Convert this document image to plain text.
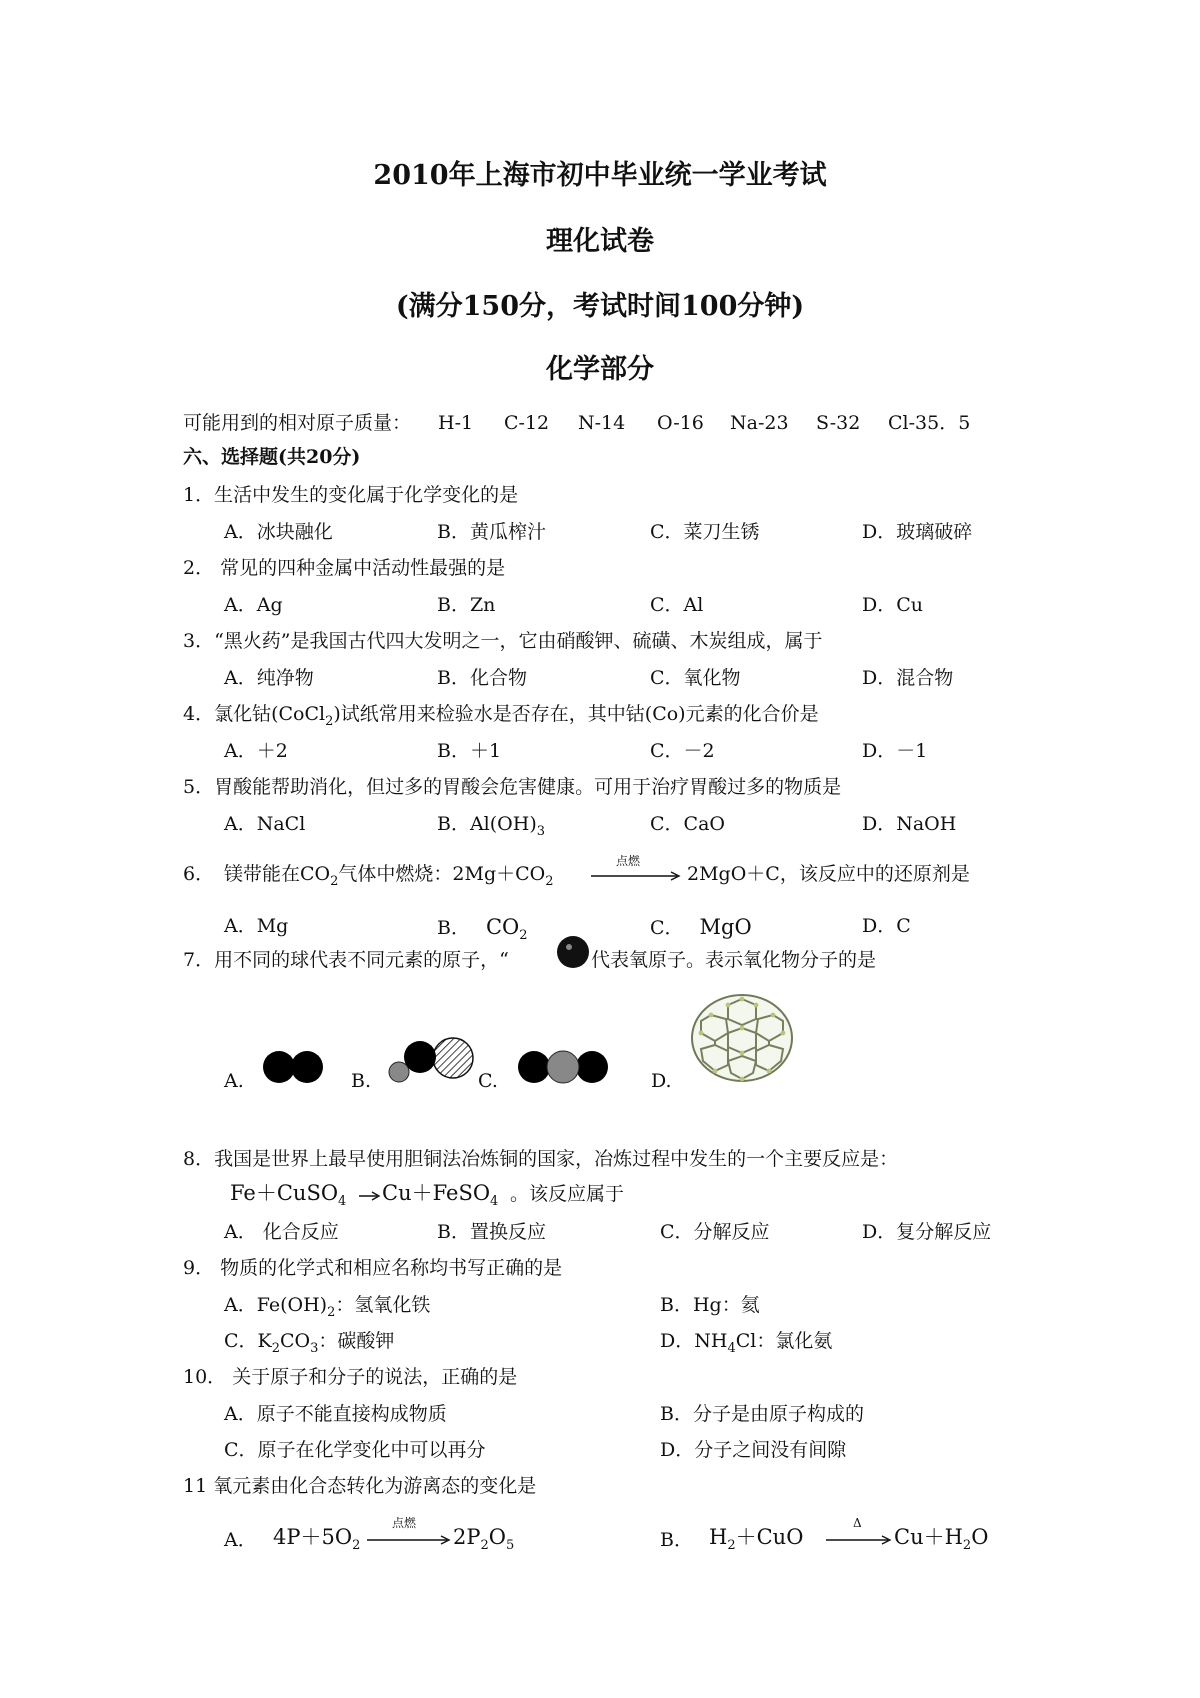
2010年上海市初中毕业统一学业考试
理化试卷
(满分150分，考试时间100分钟)
化学部分
可能用到的相对原子质量： H-1 C-12 N-14 O-16 Na-23 S-32 Cl-35．5
六、选择题(共20分)
1．生活中发生的变化属于化学变化的是
A．冰块融化	B．黄瓜榨汁	C．菜刀生锈	D．玻璃破碎
2． 常见的四种金属中活动性最强的是
A．Ag	B．Zn	C．Al	D．Cu
3．“黑火药”是我国古代四大发明之一，它由硝酸钾、硫磺、木炭组成，属于
A．纯净物	B．化合物	C．氧化物	D．混合物
4．氯化钴(CoCl$_2$)试纸常用来检验水是否存在，其中钴(Co)元素的化合价是
A．＋2	B．＋1	C．－2	D．－1
5．胃酸能帮助消化，但过多的胃酸会危害健康。可用于治疗胃酸过多的物质是
A．NaCl	B．$Al(OH)_3$	C．CaO	D．NaOH
6． 镁带能在$CO_2$气体中燃烧：$2Mg+CO_2$
点燃
2MgO＋C，该反应中的还原剂是
A．Mg	B． $CO_2$	C． MgO	D．C
7．用不同的球代表不同元素的原子，“	代表氧原子。表示氧化物分子的是
A.	B.	C.	D.
8．我国是世界上最早使用胆铜法冶炼铜的国家，冶炼过程中发生的一个主要反应是：
Fe＋CuSO$_4$ → Cu＋FeSO$_4$ 。该反应属于
A． 化合反应	B．置换反应	C．分解反应	D．复分解反应
9． 物质的化学式和相应名称均书写正确的是
A．$Fe(OH)_2$：氢氧化铁	B．Hg：氦
C．$K_2CO_3$：碳酸钾	D．$NH_4Cl$：氯化氨
10． 关于原子和分子的说法，正确的是
A．原子不能直接构成物质	B．分子是由原子构成的
C．原子在化学变化中可以再分	D．分子之间没有间隙
11 氧元素由化合态转化为游离态的变化是
A． $4P+5O_2$
点燃
$2P_2O_5$	B． $H_2+CuO$
Δ
→ $Cu+H_2O$
